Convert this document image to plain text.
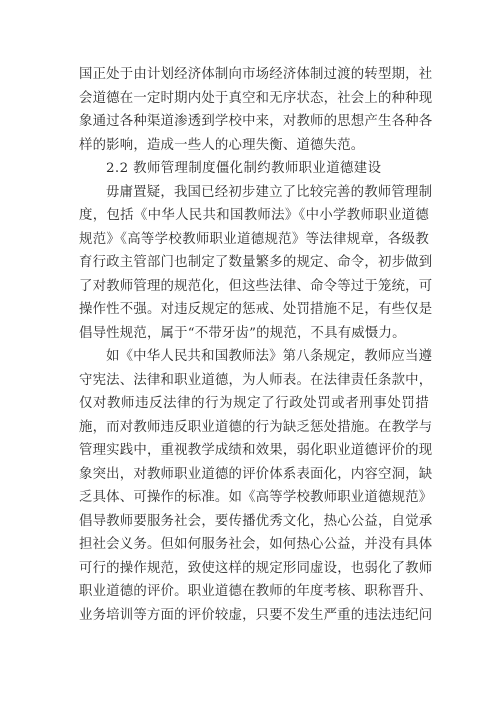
国正处于由计划经济体制向市场经济体制过渡的转型期，社
会道德在一定时期内处于真空和无序状态，社会上的种种现
象通过各种渠道渗透到学校中来，对教师的思想产生各种各
样的影响，造成一些人的心理失衡、道德失范。
2.2 教师管理制度僵化制约教师职业道德建设
毋庸置疑，我国已经初步建立了比较完善的教师管理制
度，包括《中华人民共和国教师法》《中小学教师职业道德
规范》《高等学校教师职业道德规范》等法律规章，各级教
育行政主管部门也制定了数量繁多的规定、命令，初步做到
了对教师管理的规范化，但这些法律、命令等过于笼统，可
操作性不强。对违反规定的惩戒、处罚措施不足，有些仅是
倡导性规范，属于“不带牙齿”的规范，不具有威慑力。
如《中华人民共和国教师法》第八条规定，教师应当遵
守宪法、法律和职业道德，为人师表。在法律责任条款中，
仅对教师违反法律的行为规定了行政处罚或者刑事处罚措
施，而对教师违反职业道德的行为缺乏惩处措施。在教学与
管理实践中，重视教学成绩和效果，弱化职业道德评价的现
象突出，对教师职业道德的评价体系表面化，内容空洞，缺
乏具体、可操作的标准。如《高等学校教师职业道德规范》
倡导教师要服务社会，要传播优秀文化，热心公益，自觉承
担社会义务。但如何服务社会，如何热心公益，并没有具体
可行的操作规范，致使这样的规定形同虚设，也弱化了教师
职业道德的评价。职业道德在教师的年度考核、职称晋升、
业务培训等方面的评价较虚，只要不发生严重的违法违纪问
